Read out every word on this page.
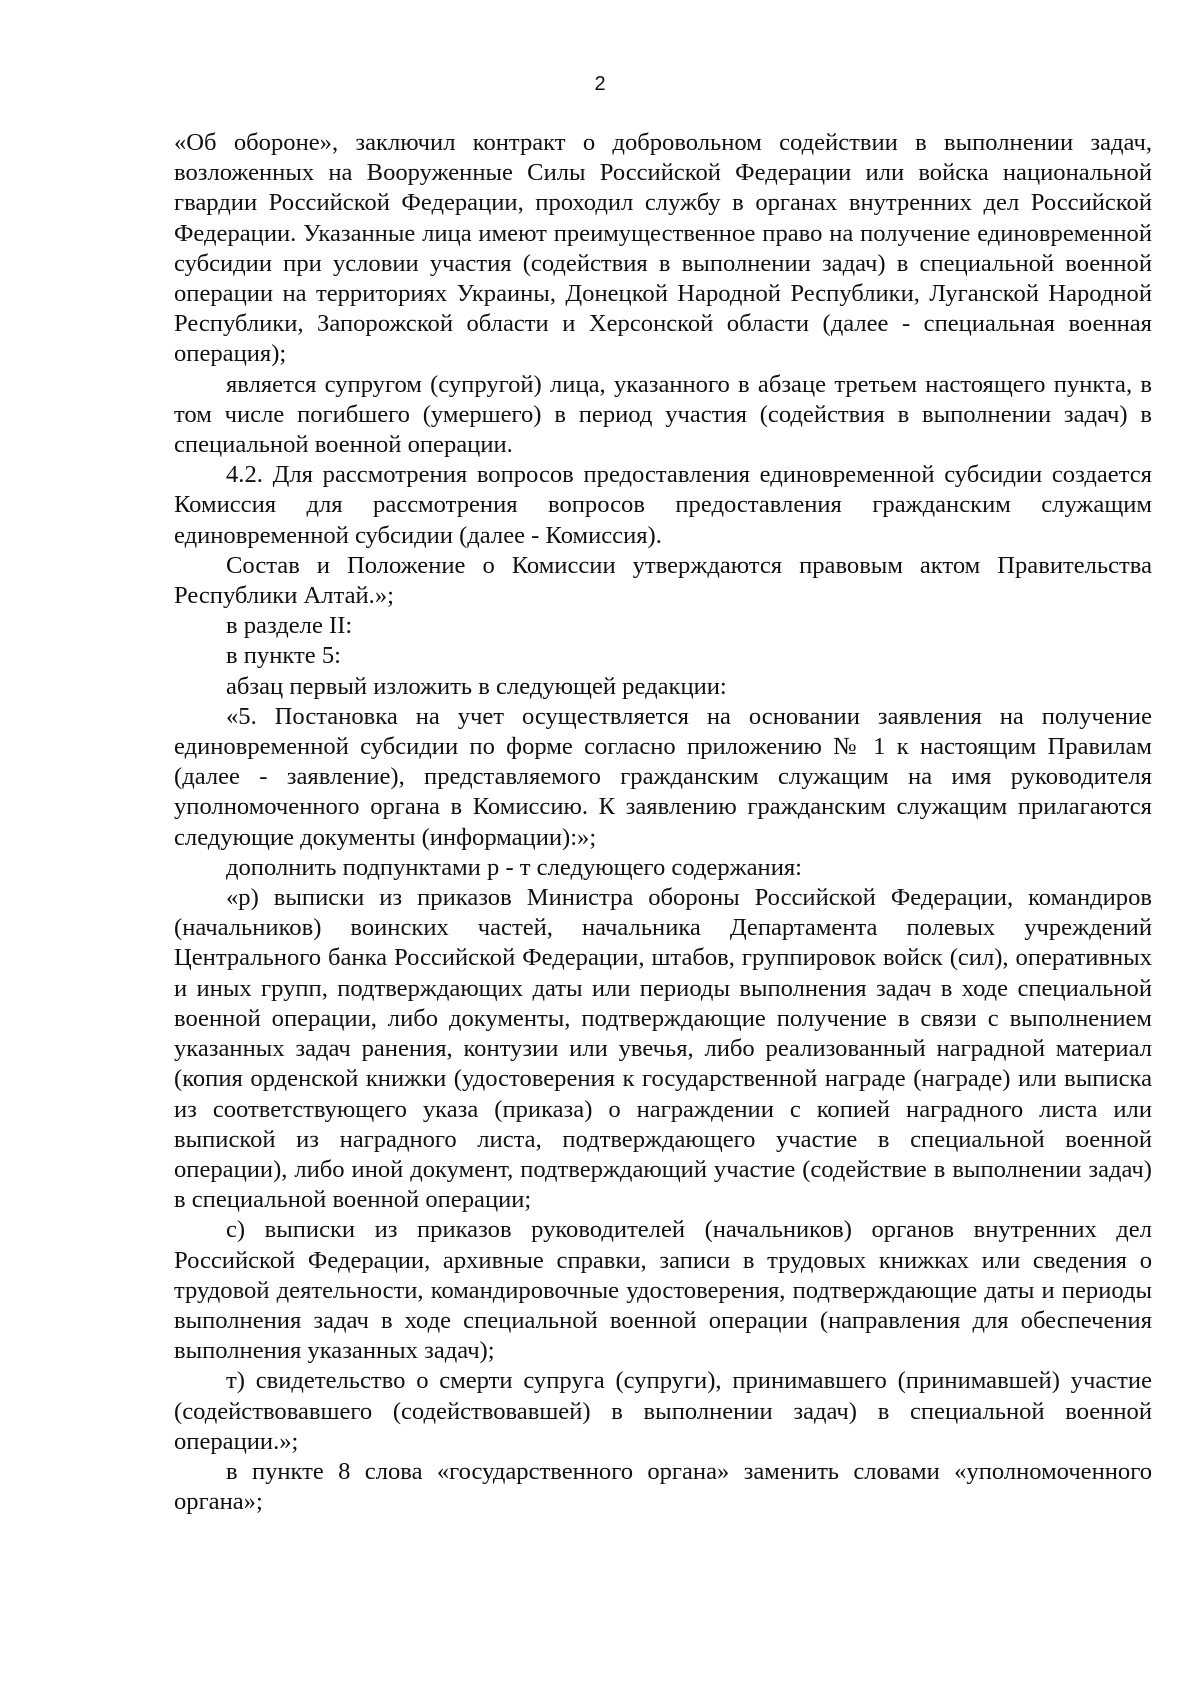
2

«Об обороне», заключил контракт о добровольном содействии в выполнении задач, возложенных на Вооруженные Силы Российской Федерации или войска национальной гвардии Российской Федерации, проходил службу в органах внутренних дел Российской Федерации. Указанные лица имеют преимущественное право на получение единовременной субсидии при условии участия (содействия в выполнении задач) в специальной военной операции на территориях Украины, Донецкой Народной Республики, Луганской Народной Республики, Запорожской области и Херсонской области (далее - специальная военная операция);

является супругом (супругой) лица, указанного в абзаце третьем настоящего пункта, в том числе погибшего (умершего) в период участия (содействия в выполнении задач) в специальной военной операции.

4.2. Для рассмотрения вопросов предоставления единовременной субсидии создается Комиссия для рассмотрения вопросов предоставления гражданским служащим единовременной субсидии (далее - Комиссия).

Состав и Положение о Комиссии утверждаются правовым актом Правительства Республики Алтай.»;

в разделе II:

в пункте 5:

абзац первый изложить в следующей редакции:

«5. Постановка на учет осуществляется на основании заявления на получение единовременной субсидии по форме согласно приложению № 1 к настоящим Правилам (далее - заявление), представляемого гражданским служащим на имя руководителя уполномоченного органа в Комиссию. К заявлению гражданским служащим прилагаются следующие документы (информации):»;

дополнить подпунктами р - т следующего содержания:

«р) выписки из приказов Министра обороны Российской Федерации, командиров (начальников) воинских частей, начальника Департамента полевых учреждений Центрального банка Российской Федерации, штабов, группировок войск (сил), оперативных и иных групп, подтверждающих даты или периоды выполнения задач в ходе специальной военной операции, либо документы, подтверждающие получение в связи с выполнением указанных задач ранения, контузии или увечья, либо реализованный наградной материал (копия орденской книжки (удостоверения к государственной награде (награде) или выписка из соответствующего указа (приказа) о награждении с копией наградного листа или выпиской из наградного листа, подтверждающего участие в специальной военной операции), либо иной документ, подтверждающий участие (содействие в выполнении задач) в специальной военной операции;

с) выписки из приказов руководителей (начальников) органов внутренних дел Российской Федерации, архивные справки, записи в трудовых книжках или сведения о трудовой деятельности, командировочные удостоверения, подтверждающие даты и периоды выполнения задач в ходе специальной военной операции (направления для обеспечения выполнения указанных задач);

т) свидетельство о смерти супруга (супруги), принимавшего (принимавшей) участие (содействовавшего (содействовавшей) в выполнении задач) в специальной военной операции.»;

в пункте 8 слова «государственного органа» заменить словами «уполномоченного органа»;
